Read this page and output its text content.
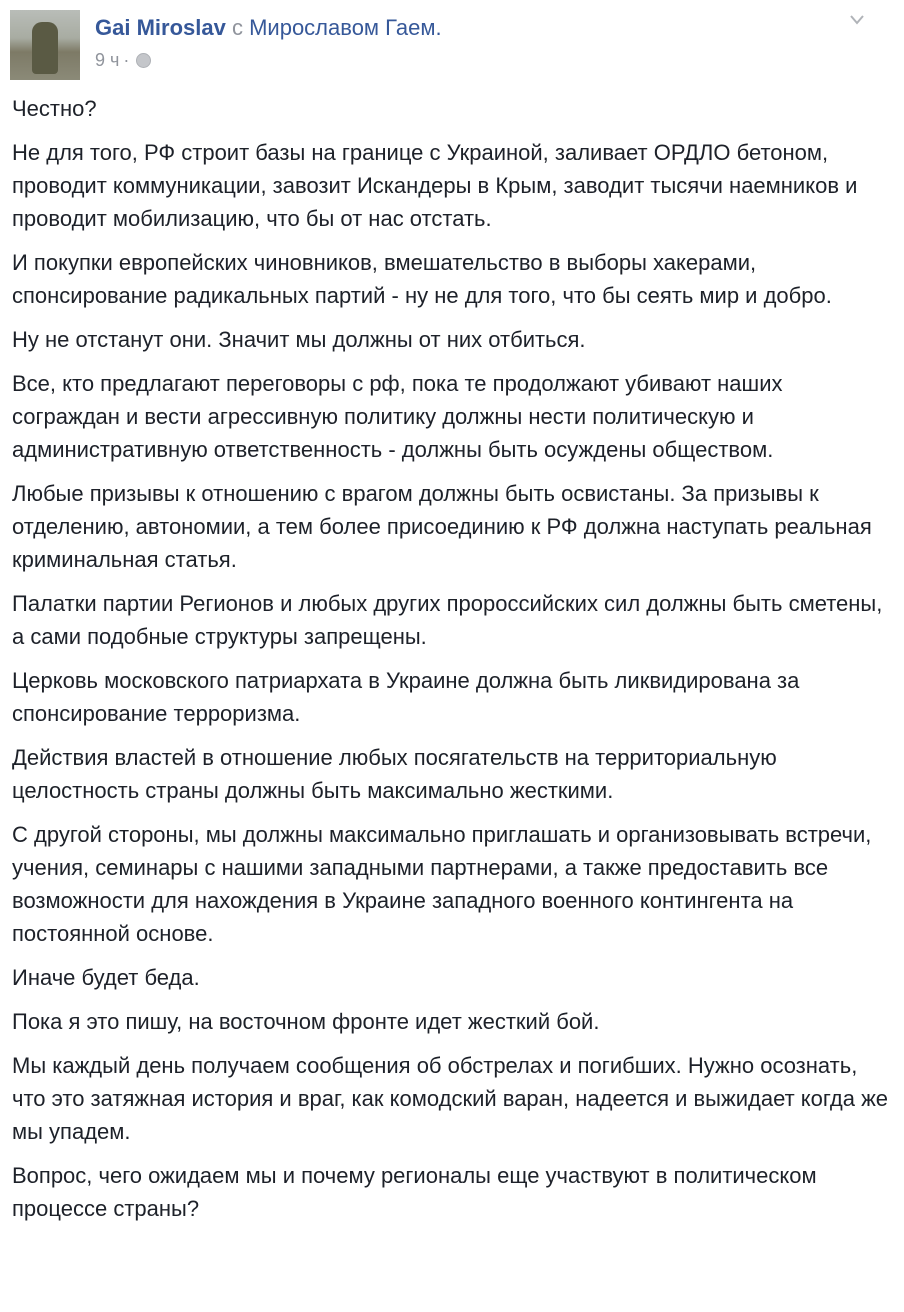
Gai Miroslav с Мирославом Гаем.
9 ч ·

Честно?

Не для того, РФ строит базы на границе с Украиной, заливает ОРДЛО бетоном, проводит коммуникации, завозит Искандеры в Крым, заводит тысячи наемников и проводит мобилизацию, что бы от нас отстать.

И покупки европейских чиновников, вмешательство в выборы хакерами, спонсирование радикальных партий - ну не для того, что бы сеять мир и добро.

Ну не отстанут они. Значит мы должны от них отбиться.

Все, кто предлагают переговоры с рф, пока те продолжают убивают наших сограждан и вести агрессивную политику должны нести политическую и административную ответственность - должны быть осуждены обществом.

Любые призывы к отношению с врагом должны быть освистаны. За призывы к отделению, автономии, а тем более присоединию к РФ должна наступать реальная криминальная статья.

Палатки партии Регионов и любых других пророссийских сил должны быть сметены, а сами подобные структуры запрещены.

Церковь московского патриархата в Украине должна быть ликвидирована за спонсирование терроризма.

Действия властей в отношение любых посягательств на территориальную целостность страны должны быть максимально жесткими.

С другой стороны, мы должны максимально приглашать и организовывать встречи, учения, семинары с нашими западными партнерами, а также предоставить все возможности для нахождения в Украине западного военного контингента на постоянной основе.

Иначе будет беда.

Пока я это пишу, на восточном фронте идет жесткий бой.

Мы каждый день получаем сообщения об обстрелах и погибших. Нужно осознать, что это затяжная история и враг, как комодский варан, надеется и выжидает когда же мы упадем.

Вопрос, чего ожидаем мы и почему регионалы еще участвуют в политическом процессе страны?
